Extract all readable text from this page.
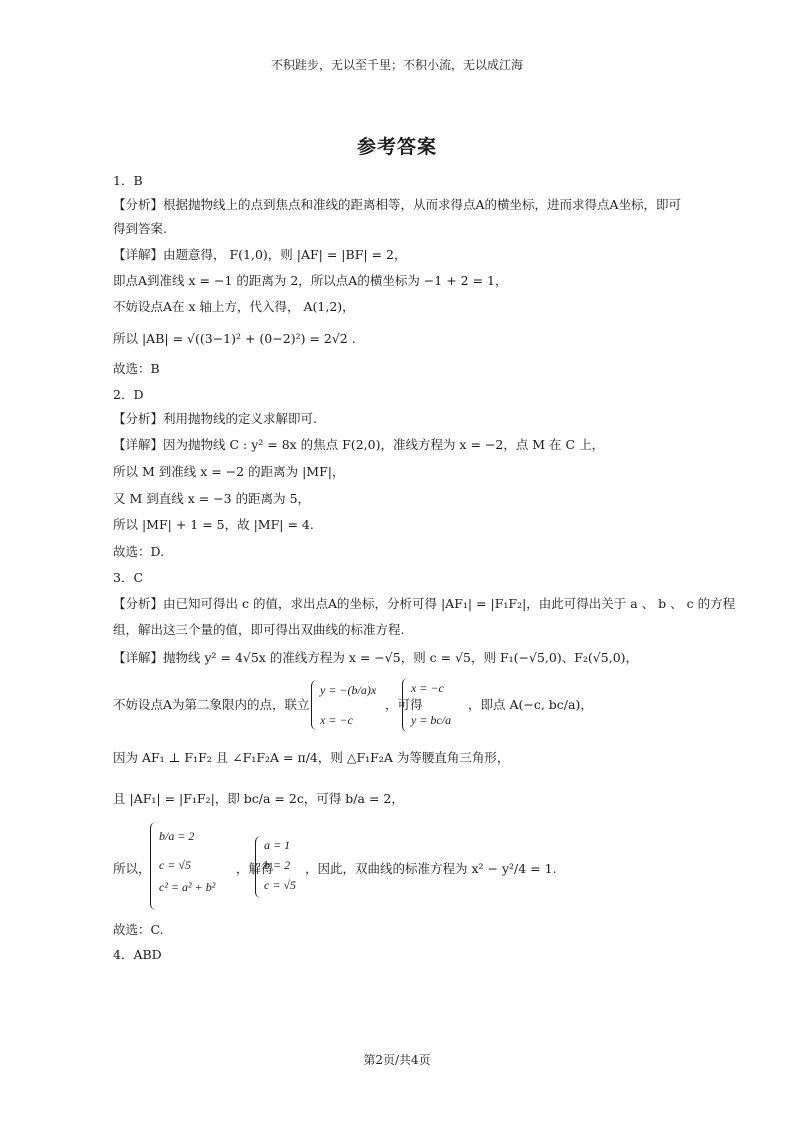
不积跬步，无以至千里；不积小流，无以成江海
参考答案
1．B
【分析】根据抛物线上的点到焦点和准线的距离相等，从而求得点A的横坐标，进而求得点A坐标，即可
得到答案.
【详解】由题意得， F(1,0)，则 |AF| = |BF| = 2，
即点A到准线 x = −1 的距离为 2，所以点A的横坐标为 −1 + 2 = 1，
不妨设点A在 x 轴上方，代入得， A(1,2)，
所以 |AB| = √((3−1)² + (0−2)²) = 2√2 .
故选：B
2．D
【分析】利用抛物线的定义求解即可.
【详解】因为抛物线 C : y² = 8x 的焦点 F(2,0)，准线方程为 x = −2，点 M 在 C 上，
所以 M 到准线 x = −2 的距离为 |MF|，
又 M 到直线 x = −3 的距离为 5，
所以 |MF| + 1 = 5，故 |MF| = 4.
故选：D.
3．C
【分析】由已知可得出 c 的值，求出点A的坐标，分析可得 |AF₁| = |F₁F₂|，由此可得出关于 a 、 b 、 c 的方程
组，解出这三个量的值，即可得出双曲线的标准方程.
【详解】抛物线 y² = 4√5x 的准线方程为 x = −√5，则 c = √5，则 F₁(−√5,0)、F₂(√5,0)，
不妨设点A为第二象限内的点，联立
y = −(b/a)x
x = −c
，可得
x = −c
y = bc/a
，即点 A(−c, bc/a)，
因为 AF₁ ⊥ F₁F₂ 且 ∠F₁F₂A = π/4，则 △F₁F₂A 为等腰直角三角形，
且 |AF₁| = |F₁F₂|，即 bc/a = 2c，可得 b/a = 2，
所以，
b/a = 2
c = √5
c² = a² + b²
，解得
a = 1
b = 2
c = √5
，因此，双曲线的标准方程为 x² − y²/4 = 1.
故选：C.
4．ABD
第2页/共4页
